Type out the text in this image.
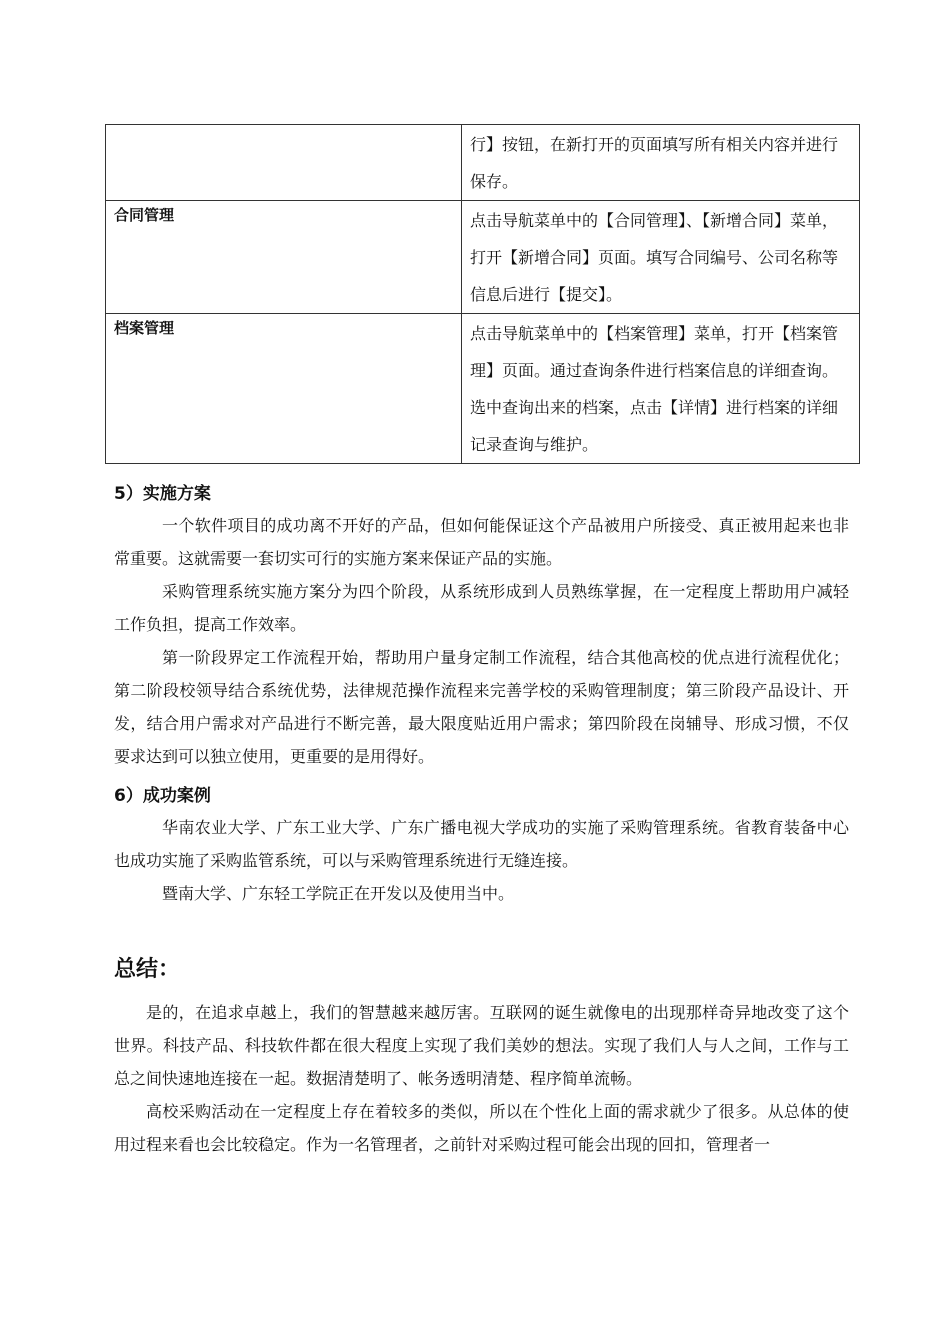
	行】按钮，在新打开的页面填写所有相关内容并进行保存。

合同管理	点击导航菜单中的【合同管理】、【新增合同】菜单，打开【新增合同】页面。填写合同编号、公司名称等信息后进行【提交】。

档案管理	点击导航菜单中的【档案管理】菜单，打开【档案管理】页面。通过查询条件进行档案信息的详细查询。选中查询出来的档案，点击【详情】进行档案的详细记录查询与维护。
5）实施方案

一个软件项目的成功离不开好的产品，但如何能保证这个产品被用户所接受、真正被用起来也非常重要。这就需要一套切实可行的实施方案来保证产品的实施。

采购管理系统实施方案分为四个阶段，从系统形成到人员熟练掌握，在一定程度上帮助用户减轻工作负担，提高工作效率。

第一阶段界定工作流程开始，帮助用户量身定制工作流程，结合其他高校的优点进行流程优化；第二阶段校领导结合系统优势，法律规范操作流程来完善学校的采购管理制度；第三阶段产品设计、开发，结合用户需求对产品进行不断完善，最大限度贴近用户需求；第四阶段在岗辅导、形成习惯，不仅要求达到可以独立使用，更重要的是用得好。

6）成功案例

华南农业大学、广东工业大学、广东广播电视大学成功的实施了采购管理系统。省教育装备中心也成功实施了采购监管系统，可以与采购管理系统进行无缝连接。

暨南大学、广东轻工学院正在开发以及使用当中。

总结：

是的，在追求卓越上，我们的智慧越来越厉害。互联网的诞生就像电的出现那样奇异地改变了这个世界。科技产品、科技软件都在很大程度上实现了我们美妙的想法。实现了我们人与人之间，工作与工总之间快速地连接在一起。数据清楚明了、帐务透明清楚、程序简单流畅。

高校采购活动在一定程度上存在着较多的类似，所以在个性化上面的需求就少了很多。从总体的使用过程来看也会比较稳定。作为一名管理者，之前针对采购过程可能会出现的回扣，管理者一
